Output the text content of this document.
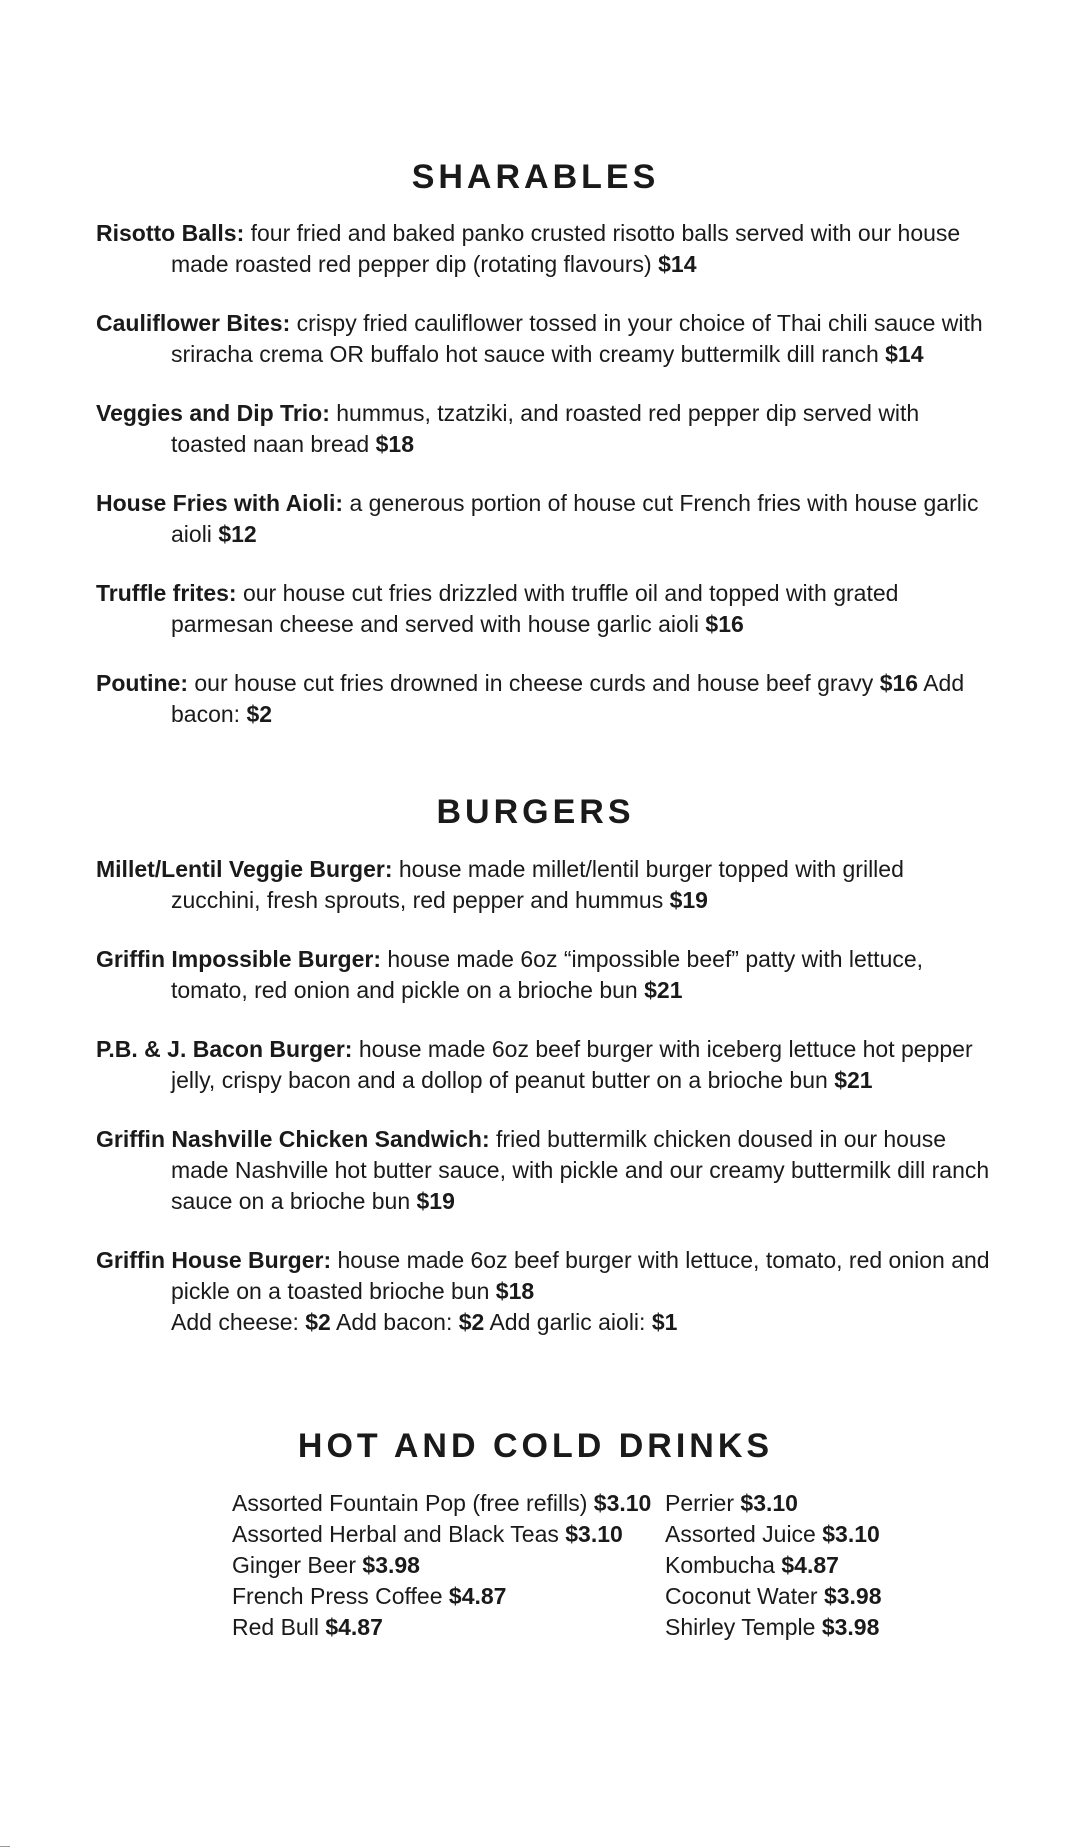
SHARABLES

Risotto Balls: four fried and baked panko crusted risotto balls served with our house made roasted red pepper dip (rotating flavours) $14

Cauliflower Bites: crispy fried cauliflower tossed in your choice of Thai chili sauce with sriracha crema OR buffalo hot sauce with creamy buttermilk dill ranch $14

Veggies and Dip Trio: hummus, tzatziki, and roasted red pepper dip served with toasted naan bread $18

House Fries with Aioli: a generous portion of house cut French fries with house garlic aioli $12

Truffle frites: our house cut fries drizzled with truffle oil and topped with grated parmesan cheese and served with house garlic aioli $16

Poutine: our house cut fries drowned in cheese curds and house beef gravy $16 Add bacon: $2

BURGERS

Millet/Lentil Veggie Burger: house made millet/lentil burger topped with grilled zucchini, fresh sprouts, red pepper and hummus $19

Griffin Impossible Burger: house made 6oz “impossible beef” patty with lettuce, tomato, red onion and pickle on a brioche bun $21

P.B. & J. Bacon Burger: house made 6oz beef burger with iceberg lettuce hot pepper jelly, crispy bacon and a dollop of peanut butter on a brioche bun $21

Griffin Nashville Chicken Sandwich: fried buttermilk chicken doused in our house made Nashville hot butter sauce, with pickle and our creamy buttermilk dill ranch sauce on a brioche bun $19

Griffin House Burger: house made 6oz beef burger with lettuce, tomato, red onion and pickle on a toasted brioche bun $18
Add cheese: $2 Add bacon: $2 Add garlic aioli: $1

HOT AND COLD DRINKS
Assorted Fountain Pop (free refills) $3.10
Assorted Herbal and Black Teas $3.10
Ginger Beer $3.98
French Press Coffee $4.87
Red Bull $4.87
Perrier $3.10
Assorted Juice $3.10
Kombucha $4.87
Coconut Water $3.98
Shirley Temple $3.98
